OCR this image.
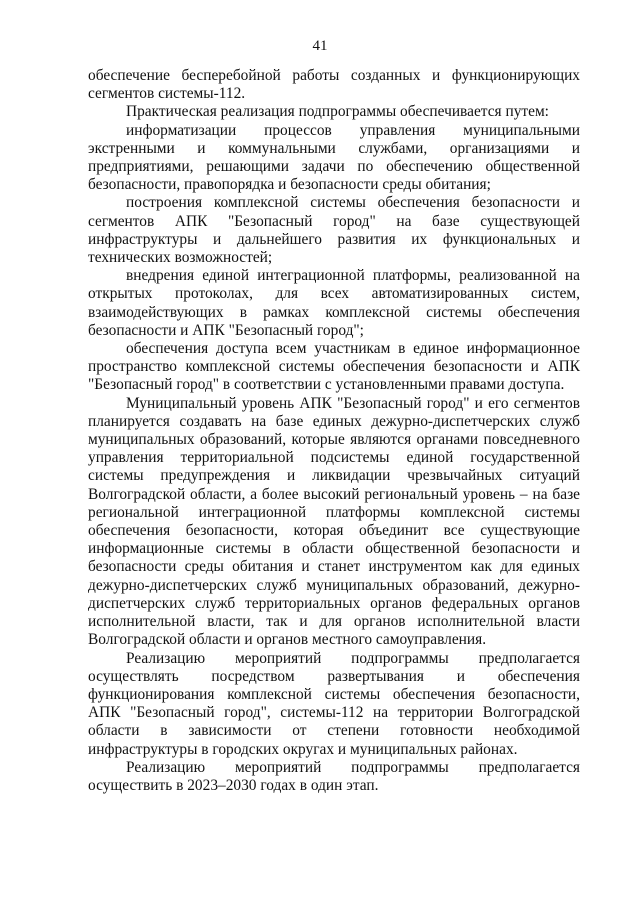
41

обеспечение бесперебойной работы созданных и функционирующих сегментов системы-112.

Практическая реализация подпрограммы обеспечивается путем:

информатизации процессов управления муниципальными экстренными и коммунальными службами, организациями и предприятиями, решающими задачи по обеспечению общественной безопасности, правопорядка и безопасности среды обитания;

построения комплексной системы обеспечения безопасности и сегментов АПК "Безопасный город" на базе существующей инфраструктуры и дальнейшего развития их функциональных и технических возможностей;

внедрения единой интеграционной платформы, реализованной на открытых протоколах, для всех автоматизированных систем, взаимодействующих в рамках комплексной системы обеспечения безопасности и АПК "Безопасный город";

обеспечения доступа всем участникам в единое информационное пространство комплексной системы обеспечения безопасности и АПК "Безопасный город" в соответствии с установленными правами доступа.

Муниципальный уровень АПК "Безопасный город" и его сегментов планируется создавать на базе единых дежурно-диспетчерских служб муниципальных образований, которые являются органами повседневного управления территориальной подсистемы единой государственной системы предупреждения и ликвидации чрезвычайных ситуаций Волгоградской области, а более высокий региональный уровень – на базе региональной интеграционной платформы комплексной системы обеспечения безопасности, которая объединит все существующие информационные системы в области общественной безопасности и безопасности среды обитания и станет инструментом как для единых дежурно-диспетчерских служб муниципальных образований, дежурно-диспетчерских служб территориальных органов федеральных органов исполнительной власти, так и для органов исполнительной власти Волгоградской области и органов местного самоуправления.

Реализацию мероприятий подпрограммы предполагается осуществлять посредством развертывания и обеспечения функционирования комплексной системы обеспечения безопасности, АПК "Безопасный город", системы-112 на территории Волгоградской области в зависимости от степени готовности необходимой инфраструктуры в городских округах и муниципальных районах.

Реализацию мероприятий подпрограммы предполагается осуществить в 2023–2030 годах в один этап.
